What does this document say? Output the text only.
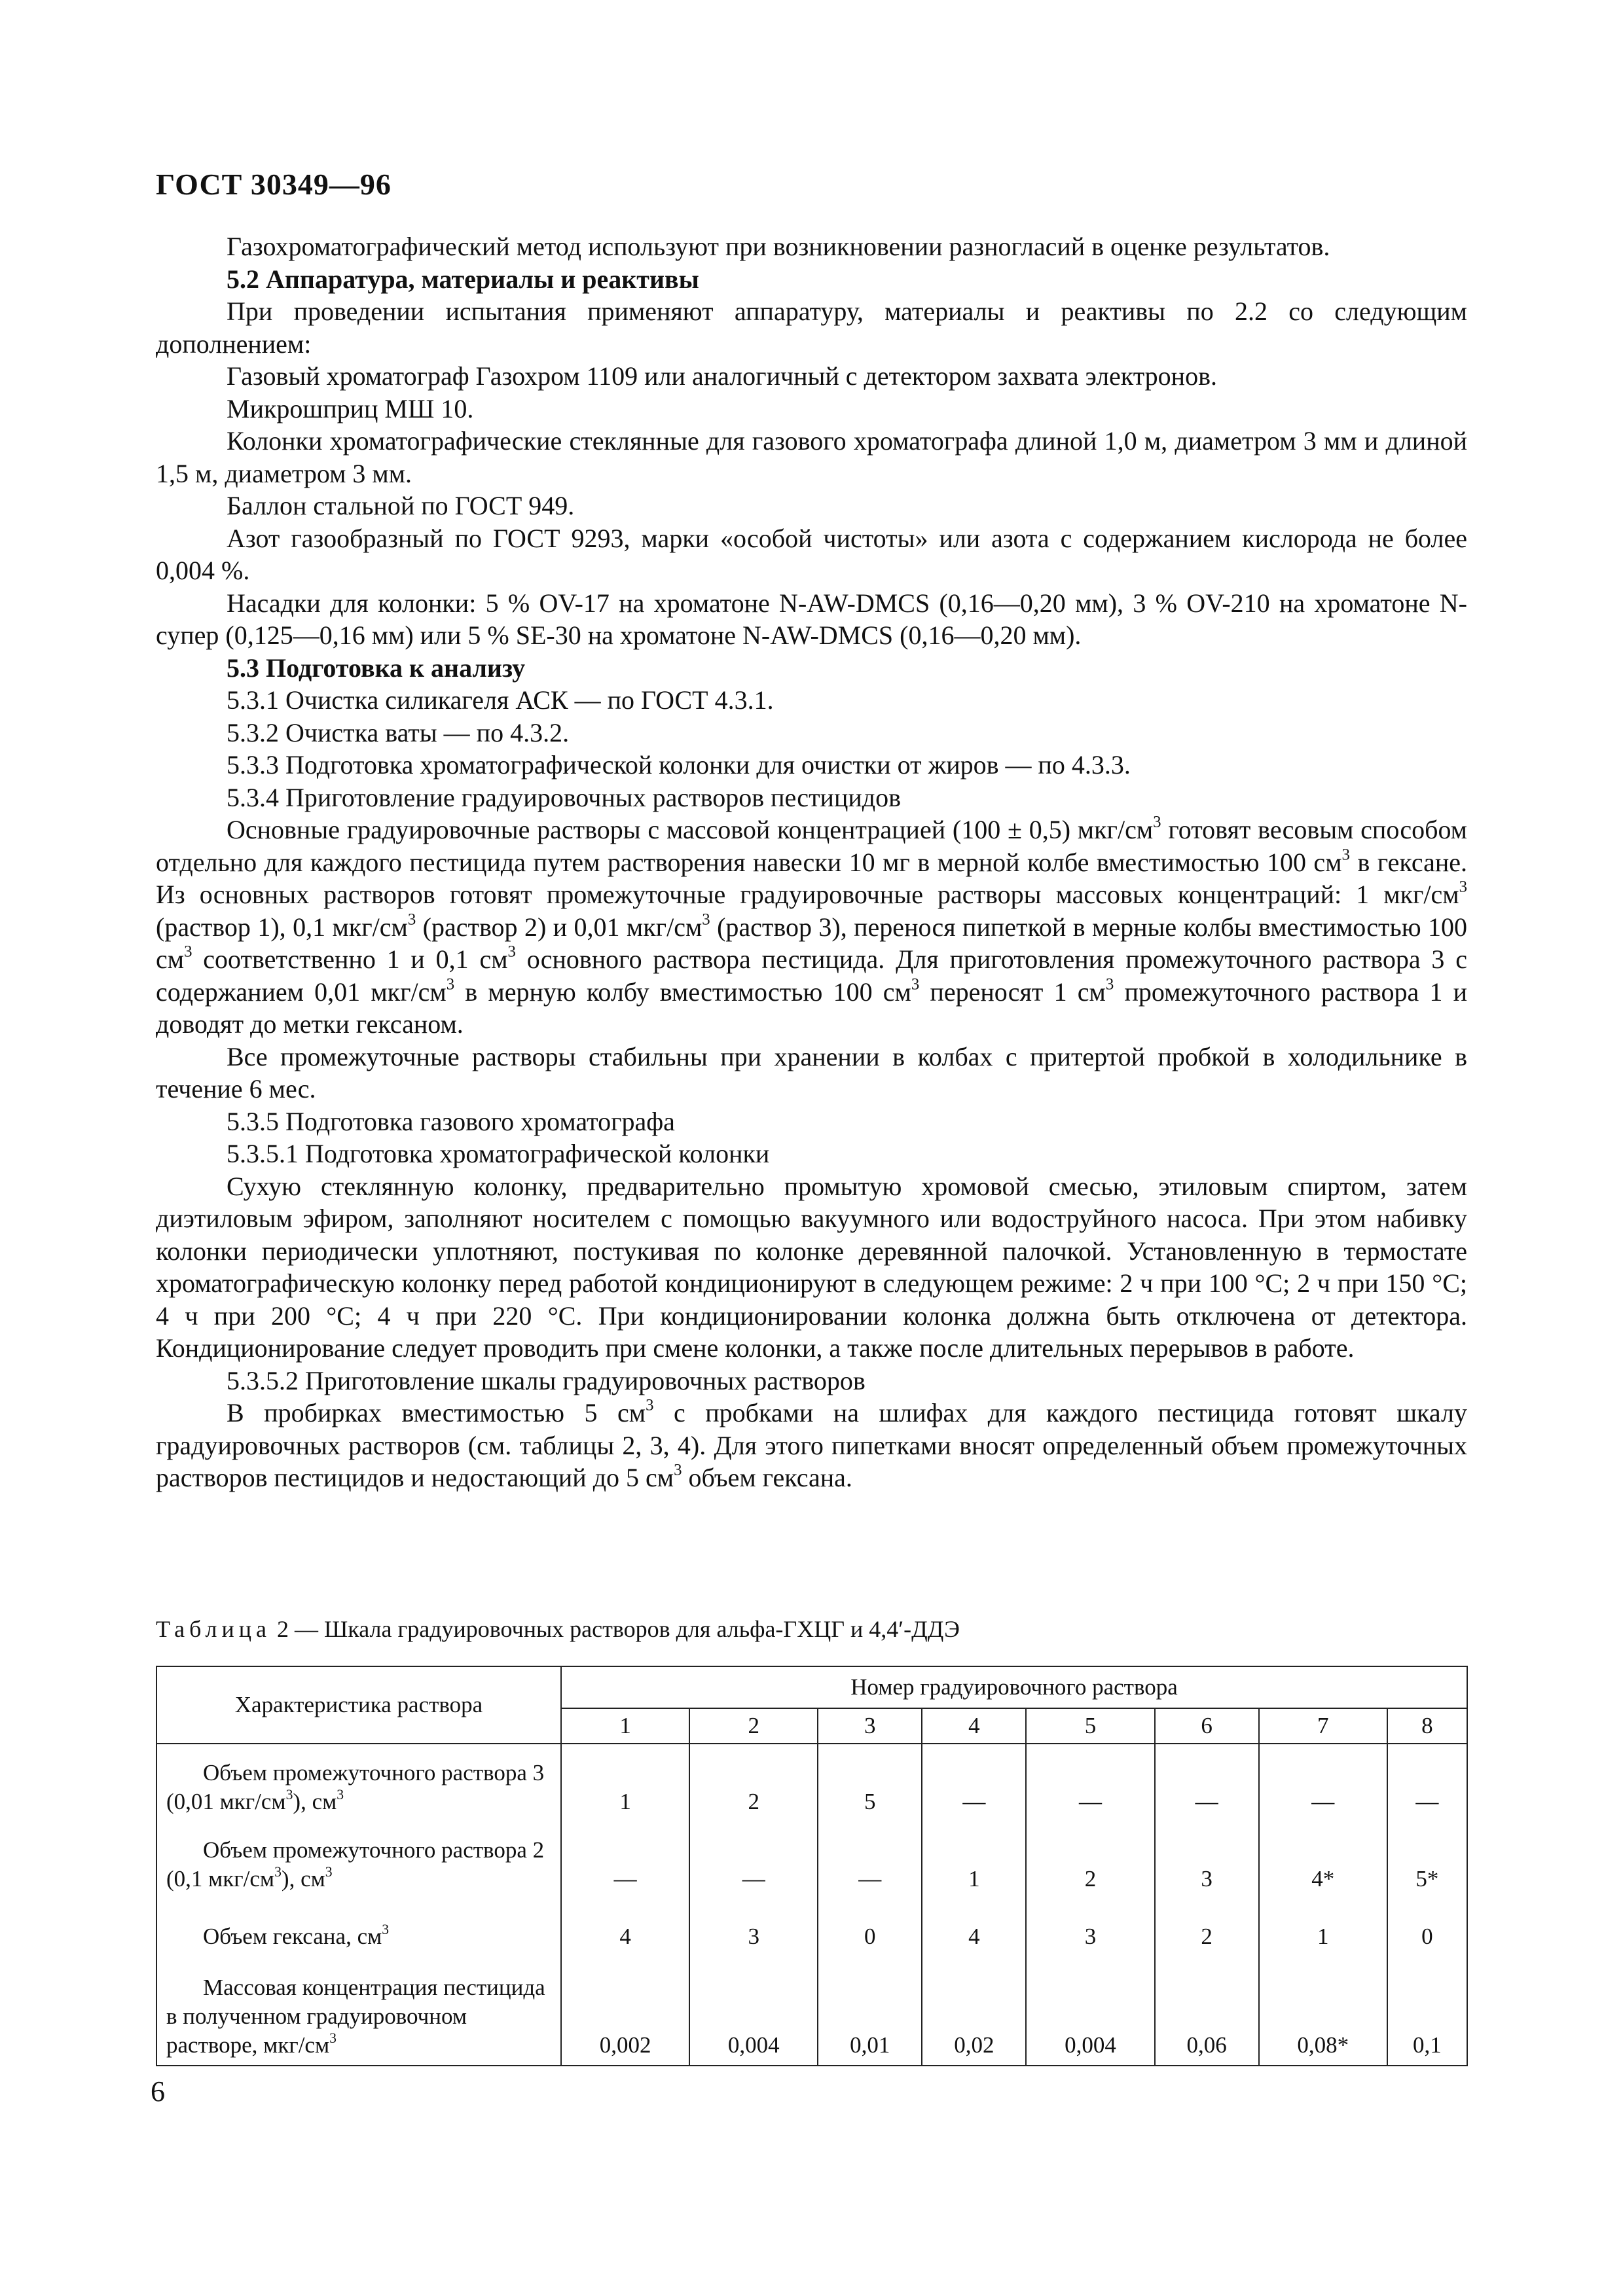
ГОСТ 30349—96

Газохроматографический метод используют при возникновении разногласий в оценке результатов.

5.2 Аппаратура, материалы и реактивы

При проведении испытания применяют аппаратуру, материалы и реактивы по 2.2 со следующим дополнением:

Газовый хроматограф Газохром 1109 или аналогичный с детектором захвата электронов.

Микрошприц МШ 10.

Колонки хроматографические стеклянные для газового хроматографа длиной 1,0 м, диаметром 3 мм и длиной 1,5 м, диаметром 3 мм.

Баллон стальной по ГОСТ 949.

Азот газообразный по ГОСТ 9293, марки «особой чистоты» или азота с содержанием кислорода не более 0,004 %.

Насадки для колонки: 5 % OV-17 на хроматоне N-AW-DMCS (0,16—0,20 мм), 3 % OV-210 на хроматоне N-супер (0,125—0,16 мм) или 5 % SE-30 на хроматоне N-AW-DMCS (0,16—0,20 мм).

5.3 Подготовка к анализу

5.3.1 Очистка силикагеля АСК — по ГОСТ 4.3.1.

5.3.2 Очистка ваты — по 4.3.2.

5.3.3 Подготовка хроматографической колонки для очистки от жиров — по 4.3.3.

5.3.4 Приготовление градуировочных растворов пестицидов

Основные градуировочные растворы с массовой концентрацией (100 ± 0,5) мкг/$см^3$ готовят весовым способом отдельно для каждого пестицида путем растворения навески 10 мг в мерной колбе вместимостью 100 $см^3$ в гексане. Из основных растворов готовят промежуточные градуировочные растворы массовых концентраций: 1 мкг/$см^3$ (раствор 1), 0,1 мкг/$см^3$ (раствор 2) и 0,01 мкг/$см^3$ (раствор 3), перенося пипеткой в мерные колбы вместимостью 100 $см^3$ соответственно 1 и 0,1 $см^3$ основного раствора пестицида. Для приготовления промежуточного раствора 3 с содержанием 0,01 мкг/$см^3$ в мерную колбу вместимостью 100 $см^3$ переносят 1 $см^3$ промежуточного раствора 1 и доводят до метки гексаном.

Все промежуточные растворы стабильны при хранении в колбах с притертой пробкой в холодильнике в течение 6 мес.

5.3.5 Подготовка газового хроматографа

5.3.5.1 Подготовка хроматографической колонки

Сухую стеклянную колонку, предварительно промытую хромовой смесью, этиловым спиртом, затем диэтиловым эфиром, заполняют носителем с помощью вакуумного или водоструйного насоса. При этом набивку колонки периодически уплотняют, постукивая по колонке деревянной палочкой. Установленную в термостате хроматографическую колонку перед работой кондиционируют в следующем режиме: 2 ч при 100 °С; 2 ч при 150 °С; 4 ч при 200 °С; 4 ч при 220 °С. При кондиционировании колонка должна быть отключена от детектора. Кондиционирование следует проводить при смене колонки, а также после длительных перерывов в работе.

5.3.5.2 Приготовление шкалы градуировочных растворов

В пробирках вместимостью 5 $см^3$ с пробками на шлифах для каждого пестицида готовят шкалу градуировочных растворов (см. таблицы 2, 3, 4). Для этого пипетками вносят определенный объем промежуточных растворов пестицидов и недостающий до 5 $см^3$ объем гексана.

Таблица 2 — Шкала градуировочных растворов для альфа-ГХЦГ и 4,4′-ДДЭ
Характеристика раствора	Номер градуировочного раствора							
	1	2	3	4	5	6	7	8
Объем промежуточного раствора 3 (0,01 мкг/$см^3$), $см^3$	1	2	5	—	—	—	—	—
Объем промежуточного раствора 2 (0,1 мкг/$см^3$), $см^3$	—	—	—	1	2	3	4*	5*
Объем гексана, $см^3$	4	3	0	4	3	2	1	0
Массовая концентрация пестицида в полученном градуировочном растворе, мкг/$см^3$	0,002	0,004	0,01	0,02	0,004	0,06	0,08*	0,1
6
